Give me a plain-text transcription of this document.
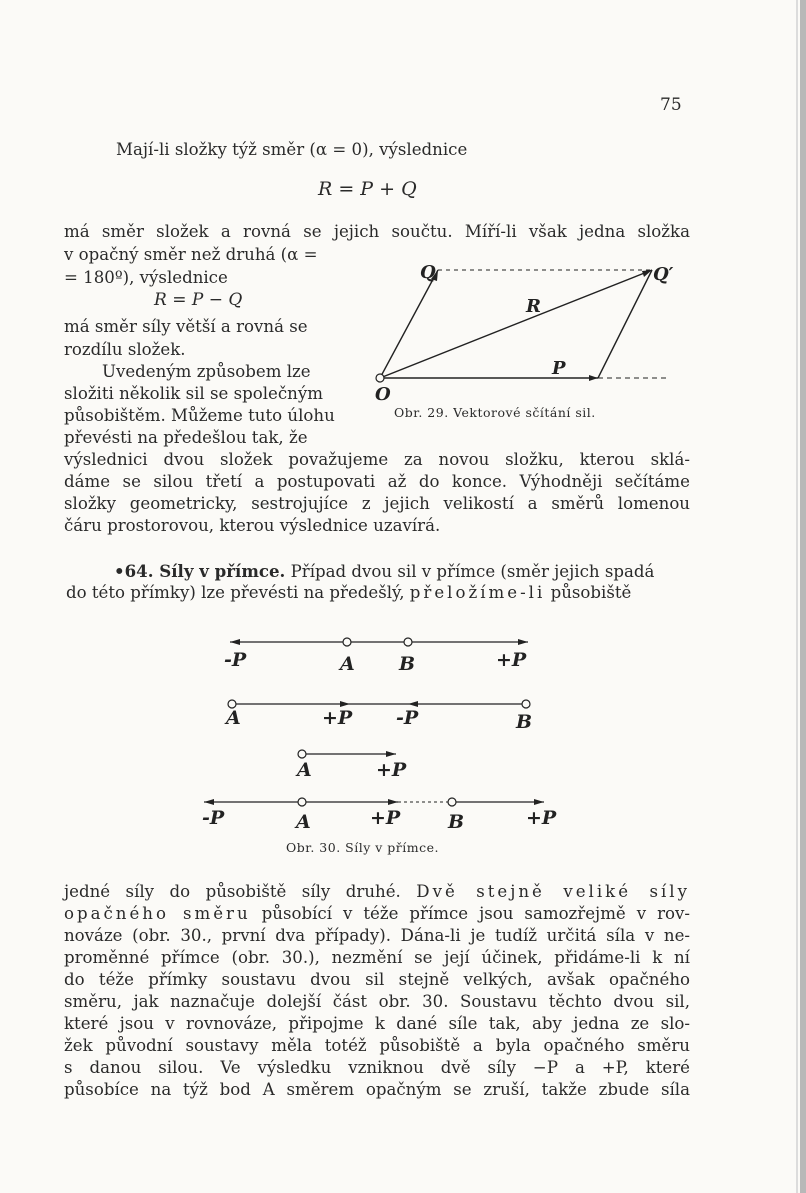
75
Mají-li složky týž směr (α = 0), výslednice
R = P + Q
má směr složek a rovná se jejich součtu. Míří-li však jedna složka
v opačný směr než druhá (α =
= 180º), výslednice
R = P − Q
má směr síly větší a rovná se
rozdílu složek.
Uvedeným způsobem lze
složiti několik sil se společným
působištěm. Můžeme tuto úlohu
převésti na předešlou tak, že
výslednici dvou složek považujeme za novou složku, kterou sklá-
dáme se silou třetí a postupovati až do konce. Výhodněji sečítáme
složky geometricky, sestrojujíce z jejich velikostí a směrů lomenou
čáru prostorovou, kterou výslednice uzavírá.
O
P
Q	Q′
R
Obr. 29. Vektorové sčítání sil.
•64. Síly v přímce. Případ dvou sil v přímce (směr jejich spadá
do této přímky) lze převésti na předešlý, přeložíme-li působiště
-P	A B	+P
A	+P -P	B
A	+P
-P	A	+P	B	+P
Obr. 30. Síly v přímce.
jedné síly do působiště síly druhé. Dvě stejně veliké síly
opačného směru působící v téže přímce jsou samozřejmě v rov-
nováze (obr. 30., první dva případy). Dána-li je tudíž určitá síla v ne-
proměnné přímce (obr. 30.), nezmění se její účinek, přidáme-li k ní
do téže přímky soustavu dvou sil stejně velkých, avšak opačného
směru, jak naznačuje dolejší část obr. 30. Soustavu těchto dvou sil,
které jsou v rovnováze, připojme k dané síle tak, aby jedna ze slo-
žek původní soustavy měla totéž působiště a byla opačného směru
s danou silou. Ve výsledku vzniknou dvě síly −P a +P, které
působíce na týž bod A směrem opačným se zruší, takže zbude síla
